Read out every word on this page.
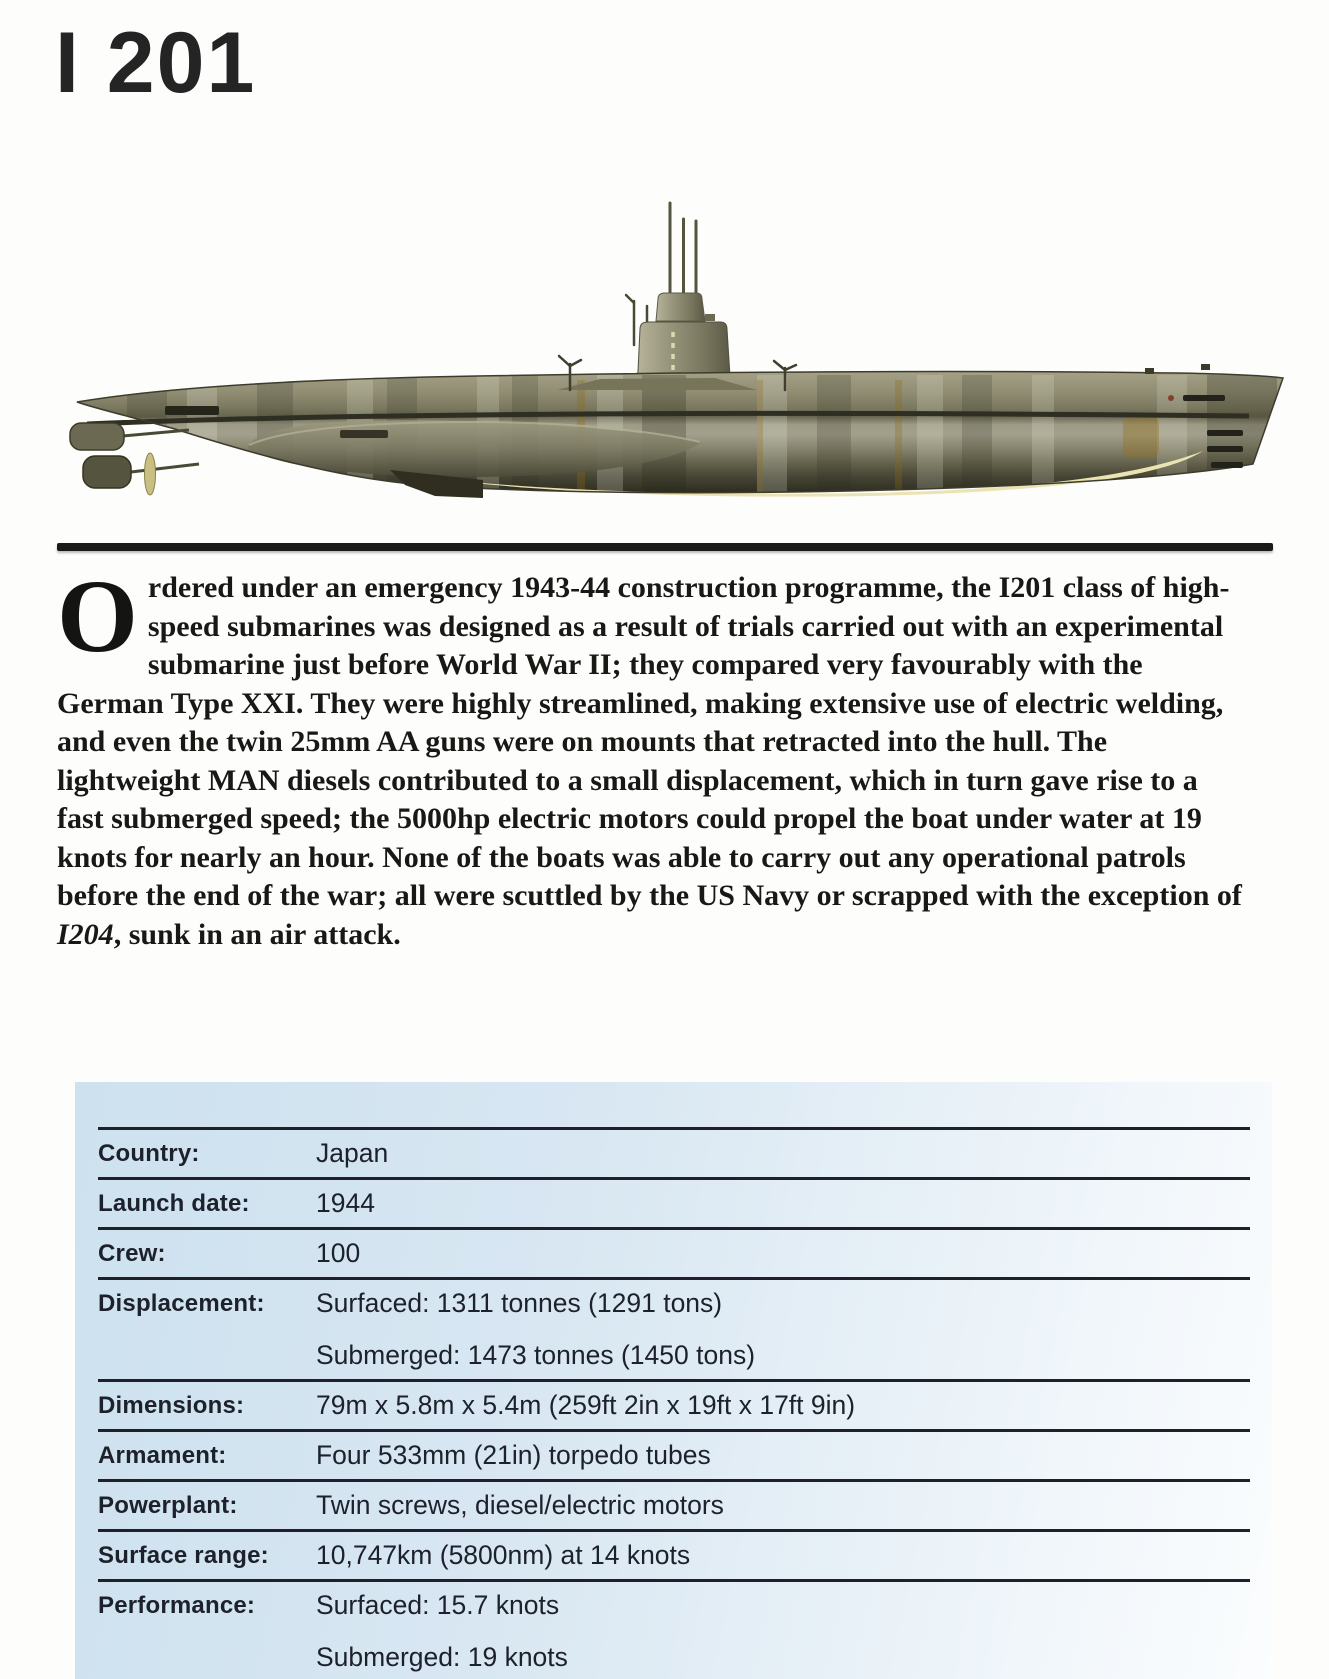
I 201

Ordered under an emergency 1943-44 construction programme, the I201 class of high-speed submarines was designed as a result of trials carried out with an experimental submarine just before World War II; they compared very favourably with the German Type XXI. They were highly streamlined, making extensive use of electric welding, and even the twin 25mm AA guns were on mounts that retracted into the hull. The lightweight MAN diesels contributed to a small displacement, which in turn gave rise to a fast submerged speed; the 5000hp electric motors could propel the boat under water at 19 knots for nearly an hour. None of the boats was able to carry out any operational patrols before the end of the war; all were scuttled by the US Navy or scrapped with the exception of I204, sunk in an air attack.

Country:	Japan
Launch date:	1944
Crew:	100
Displacement:	Surfaced: 1311 tonnes (1291 tons)
Submerged: 1473 tonnes (1450 tons)
Dimensions:	79m x 5.8m x 5.4m (259ft 2in x 19ft x 17ft 9in)
Armament:	Four 533mm (21in) torpedo tubes
Powerplant:	Twin screws, diesel/electric motors
Surface range:	10,747km (5800nm) at 14 knots
Performance:	Surfaced: 15.7 knots
Submerged: 19 knots
